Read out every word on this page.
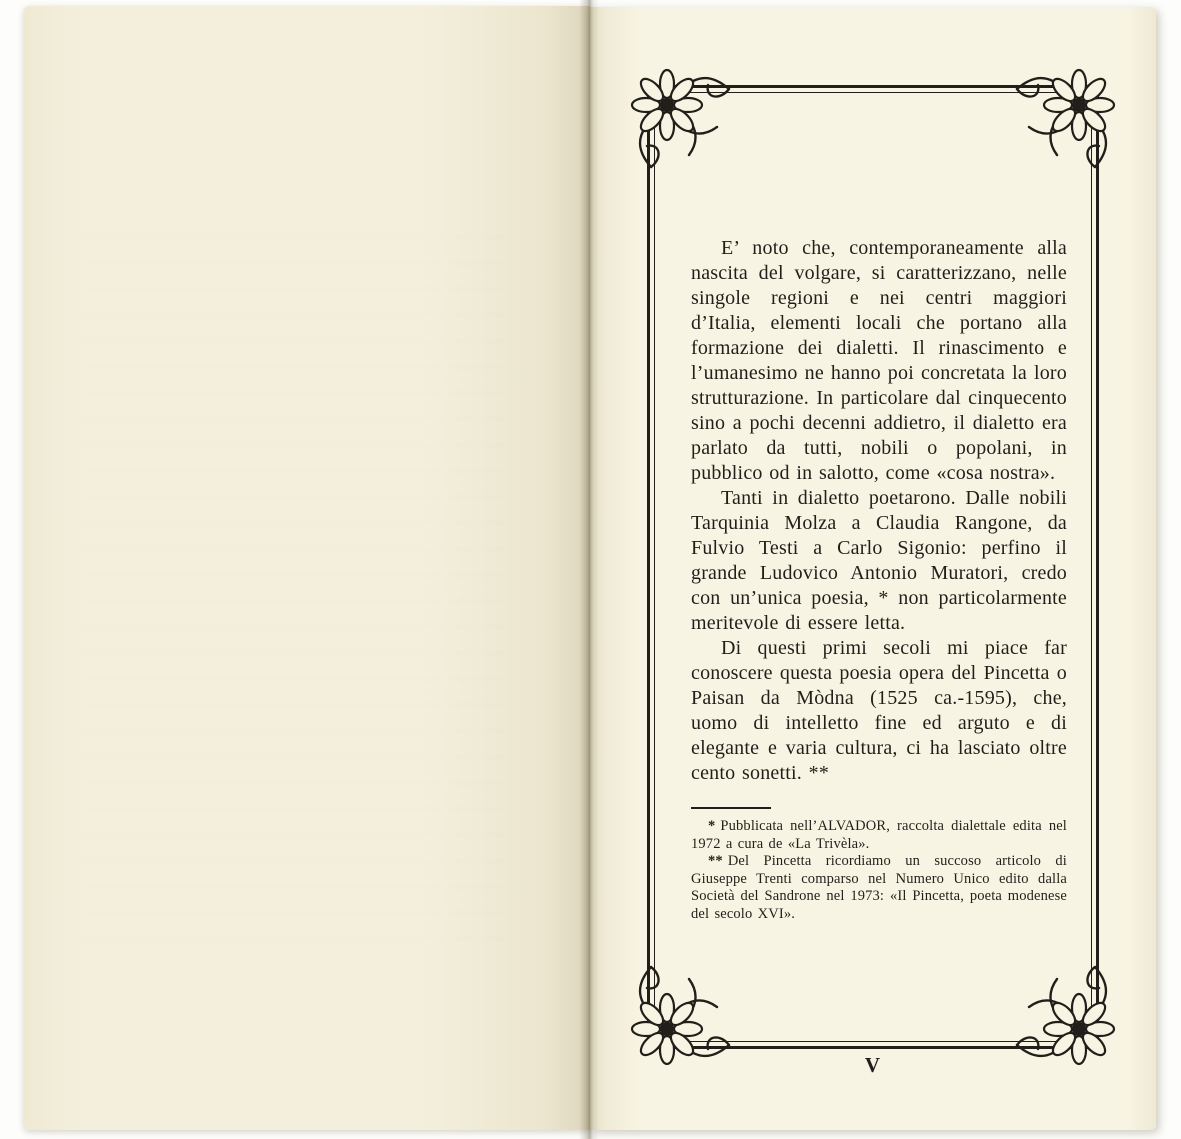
E’ noto che, contemporaneamente alla nascita del volgare, si caratterizzano, nelle singole regioni e nei centri maggiori d’Italia, elementi locali che portano alla formazione dei dialetti. Il rinascimento e l’umanesimo ne hanno poi concretata la loro strutturazione. In particolare dal cinquecento sino a pochi decenni addietro, il dialetto era parlato da tutti, nobili o popolani, in pubblico od in salotto, come «cosa nostra».

Tanti in dialetto poetarono. Dalle nobili Tarquinia Molza a Claudia Rangone, da Fulvio Testi a Carlo Sigonio: perfino il grande Ludovico Antonio Muratori, credo con un’unica poesia, * non particolarmente meritevole di essere letta.

Di questi primi secoli mi piace far conoscere questa poesia opera del Pincetta o Paisan da Mòdna (1525 ca.-1595), che, uomo di intelletto fine ed arguto e di elegante e varia cultura, ci ha lasciato oltre cento sonetti. **

* Pubblicata nell’ALVADOR, raccolta dialettale edita nel 1972 a cura de «La Trivèla».

** Del Pincetta ricordiamo un succoso articolo di Giuseppe Trenti comparso nel Numero Unico edito dalla Società del Sandrone nel 1973: «Il Pincetta, poeta modenese del secolo XVI».

V
